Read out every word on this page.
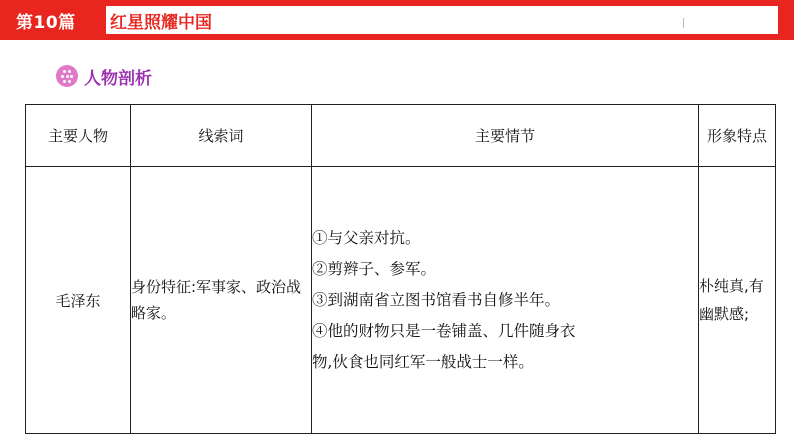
第10篇 红星照耀中国
人物剖析
主要人物	线索词	主要情节	形象特点
毛泽东	身份特征:军事家、政治战略家。	①与父亲对抗。
②剪辫子、参军。
③到湖南省立图书馆看书自修半年。
④他的财物只是一卷铺盖、几件随身衣
物,伙食也同红军一般战士一样。	朴纯真,有幽默感;
